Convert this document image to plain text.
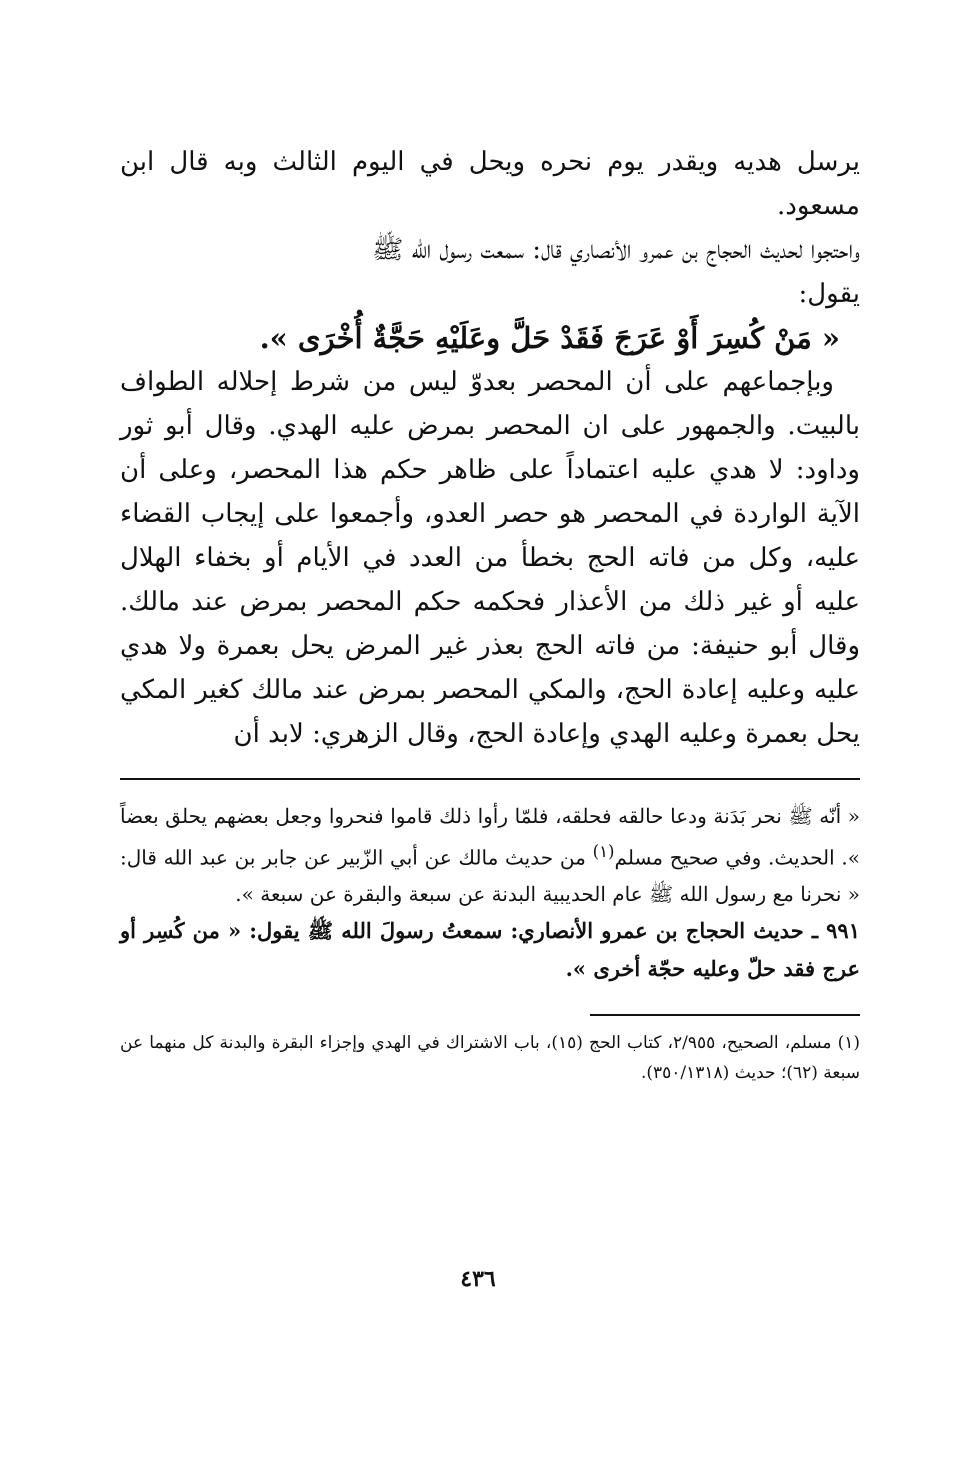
يرسل هديه ويقدر يوم نحره ويحل في اليوم الثالث وبه قال ابن مسعود.

واحتجوا لحديث الحجاج بن عمرو الأنصاري قال: سمعت رسول الله ﷺ

يقول:

« مَنْ كُسِرَ أَوْ عَرَجَ فَقَدْ حَلَّ وعَلَيْهِ حَجَّةٌ أُخْرَى ».

وبإجماعهم على أن المحصر بعدوّ ليس من شرط إحلاله الطواف بالبيت. والجمهور على ان المحصر بمرض عليه الهدي. وقال أبو ثور وداود: لا هدي عليه اعتماداً على ظاهر حكم هذا المحصر، وعلى أن الآية الواردة في المحصر هو حصر العدو، وأجمعوا على إيجاب القضاء عليه، وكل من فاته الحج بخطأ من العدد في الأيام أو بخفاء الهلال عليه أو غير ذلك من الأعذار فحكمه حكم المحصر بمرض عند مالك. وقال أبو حنيفة: من فاته الحج بعذر غير المرض يحل بعمرة ولا هدي عليه وعليه إعادة الحج، والمكي المحصر بمرض عند مالك كغير المكي يحل بعمرة وعليه الهدي وإعادة الحج، وقال الزهري: لابد أن

« أنّه ﷺ نحر بَدَنة ودعا حالقه فحلقه، فلمّا رأوا ذلك قاموا فنحروا وجعل بعضهم يحلق بعضاً ». الحديث. وفي صحيح مسلم$^{(١)}$ من حديث مالك عن أبي الزّبير عن جابر بن عبد الله قال: « نحرنا مع رسول الله ﷺ عام الحديبية البدنة عن سبعة والبقرة عن سبعة ».

٩٩١ ـ حديث الحجاج بن عمرو الأنصاري: سمعتُ رسولَ الله ﷺ يقول: « من كُسِر أو عرج فقد حلّ وعليه حجّة أخرى ».

(١) مسلم، الصحيح، ٢/٩٥٥، كتاب الحج (١٥)، باب الاشتراك في الهدي وإجزاء البقرة والبدنة كل منهما عن سبعة (٦٢)؛ حديث (٣٥٠/١٣١٨).

٤٣٦
